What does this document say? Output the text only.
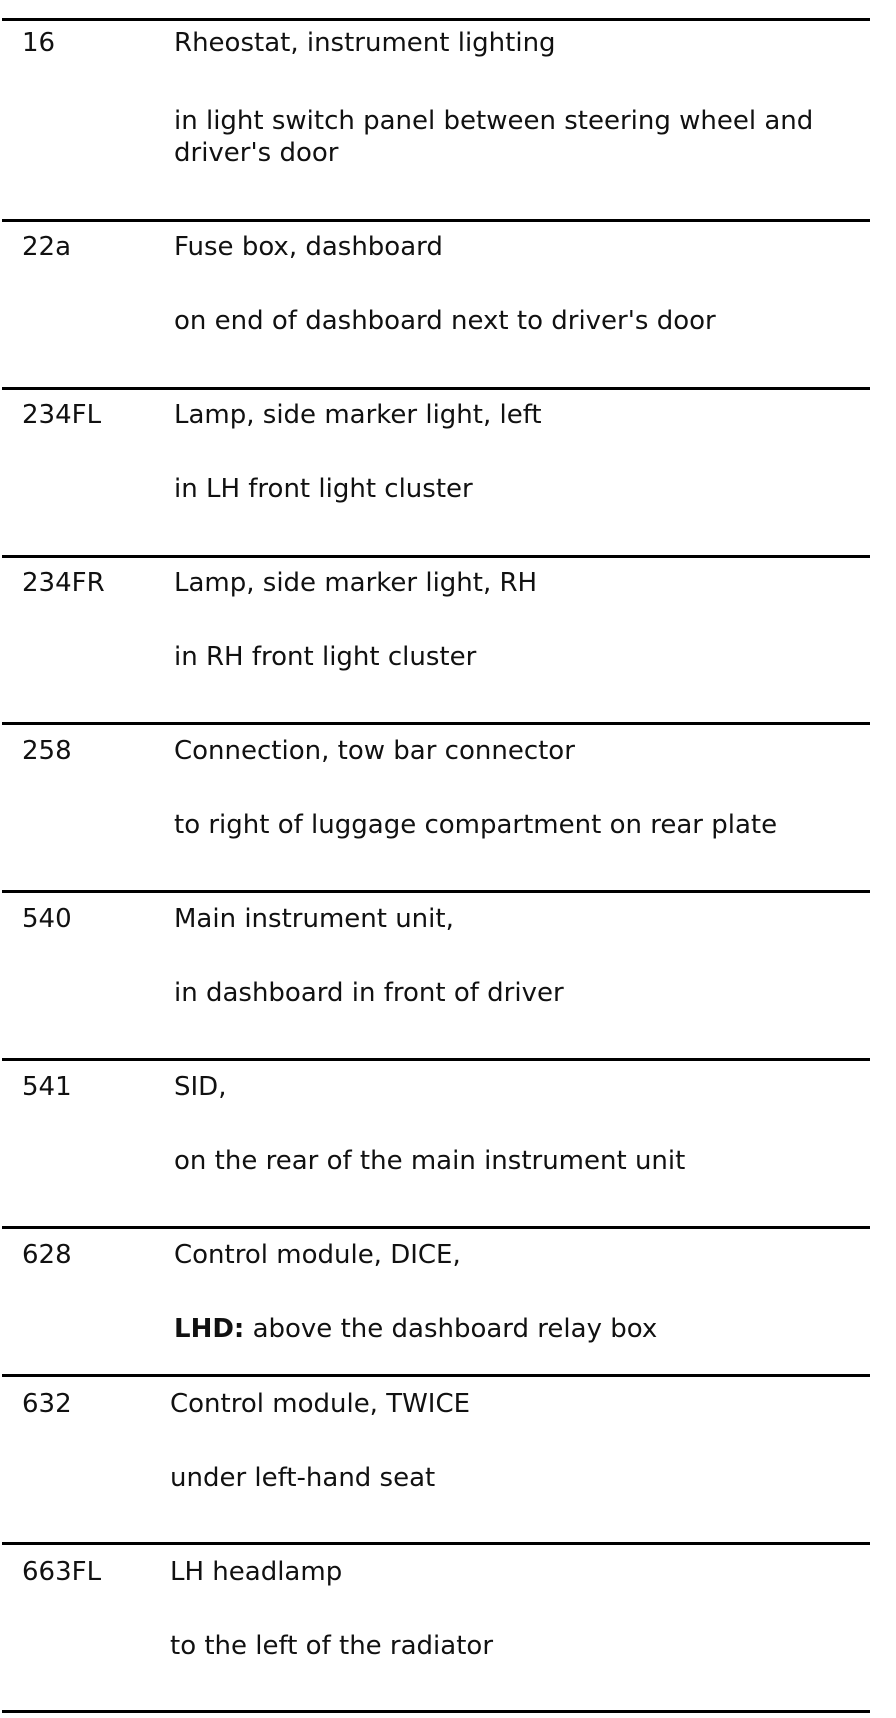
16	Rheostat, instrument lighting
in light switch panel between steering wheel and driver's door
22a	Fuse box, dashboard
on end of dashboard next to driver's door
234FL	Lamp, side marker light, left
in LH front light cluster
234FR	Lamp, side marker light, RH
in RH front light cluster
258	Connection, tow bar connector
to right of luggage compartment on rear plate
540	Main instrument unit,
in dashboard in front of driver
541	SID,
on the rear of the main instrument unit
628	Control module, DICE,
LHD: above the dashboard relay box
632	Control module, TWICE
under left-hand seat
663FL	LH headlamp
to the left of the radiator
